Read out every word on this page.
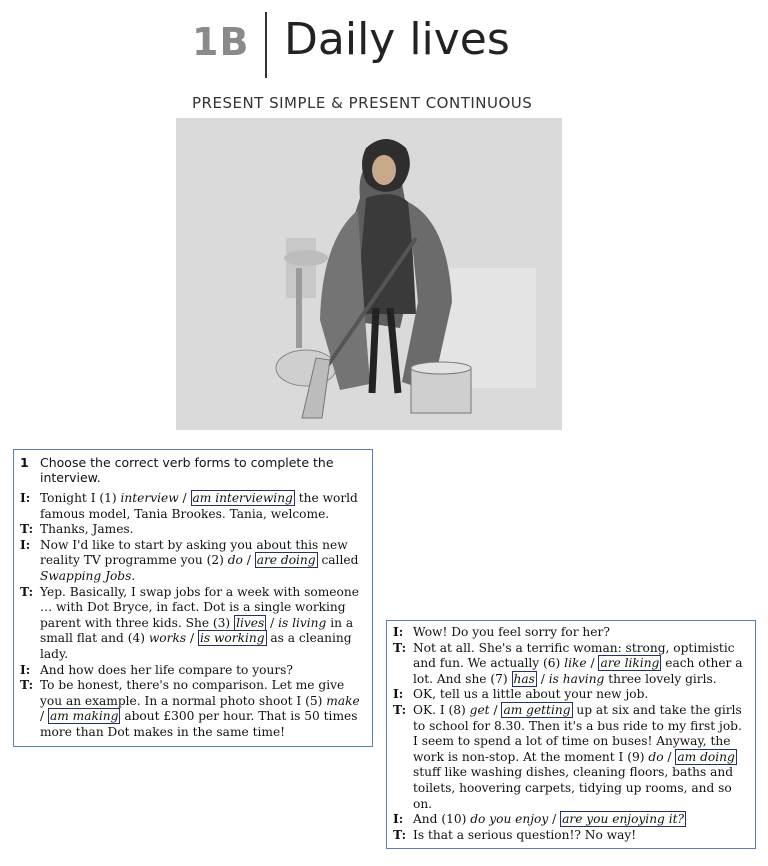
1B Daily lives
PRESENT SIMPLE & PRESENT CONTINUOUS
1 Choose the correct verb forms to complete the interview.
I: Tonight I (1) interview / am interviewing the world famous model, Tania Brookes. Tania, welcome.
T: Thanks, James.
I: Now I'd like to start by asking you about this new reality TV programme you (2) do / are doing called Swapping Jobs.
T: Yep. Basically, I swap jobs for a week with someone … with Dot Bryce, in fact. Dot is a single working parent with three kids. She (3) lives / is living in a small flat and (4) works / is working as a cleaning lady.
I: And how does her life compare to yours?
T: To be honest, there's no comparison. Let me give you an example. In a normal photo shoot I (5) make / am making about £300 per hour. That is 50 times more than Dot makes in the same time!
I: Wow! Do you feel sorry for her?
T: Not at all. She's a terrific woman: strong, optimistic and fun. We actually (6) like / are liking each other a lot. And she (7) has / is having three lovely girls.
I: OK, tell us a little about your new job.
T: OK. I (8) get / am getting up at six and take the girls to school for 8.30. Then it's a bus ride to my first job. I seem to spend a lot of time on buses! Anyway, the work is non-stop. At the moment I (9) do / am doing stuff like washing dishes, cleaning floors, baths and toilets, hoovering carpets, tidying up rooms, and so on.
I: And (10) do you enjoy / are you enjoying it?
T: Is that a serious question!? No way!
